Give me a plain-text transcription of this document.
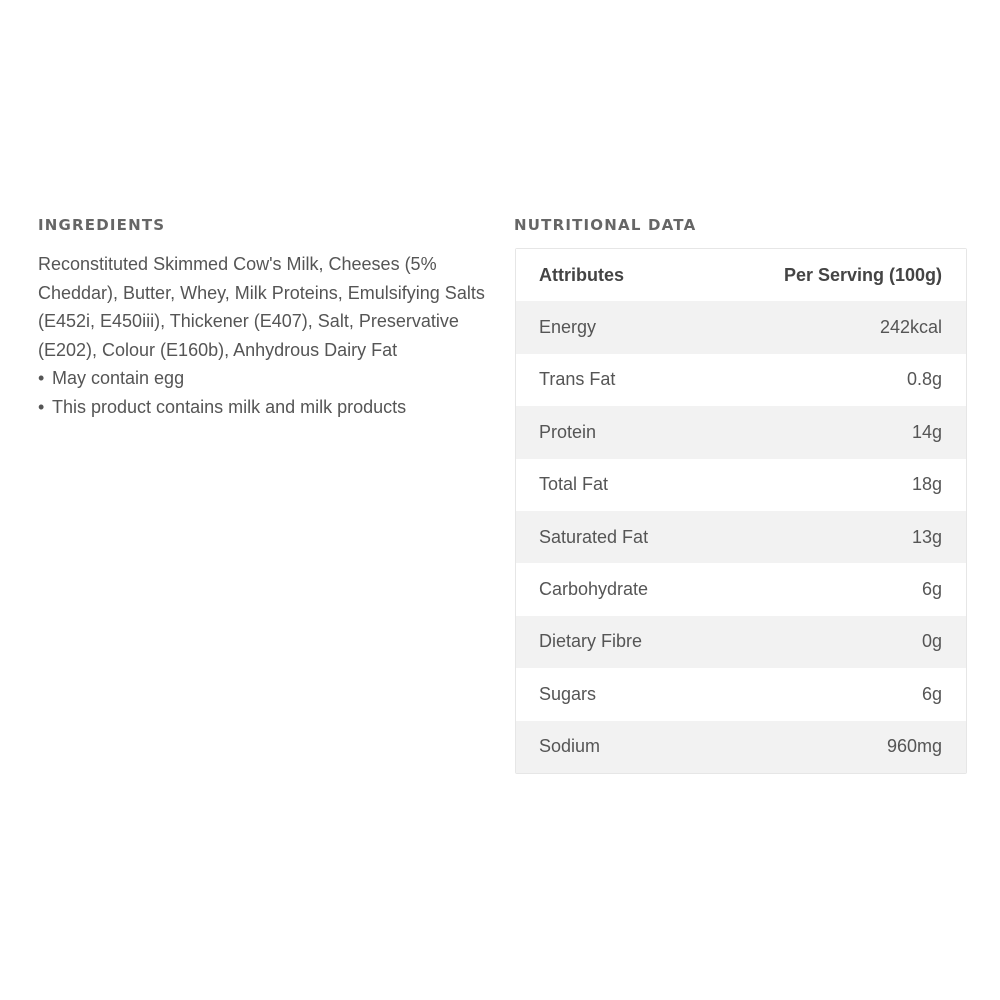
INGREDIENTS

Reconstituted Skimmed Cow's Milk, Cheeses (5% Cheddar), Butter, Whey, Milk Proteins, Emulsifying Salts (E452i, E450iii), Thickener (E407), Salt, Preservative (E202), Colour (E160b), Anhydrous Dairy Fat

• May contain egg
• This product contains milk and milk products
NUTRITIONAL DATA
Attributes	Per Serving (100g)
Energy	242kcal
Trans Fat	0.8g
Protein	14g
Total Fat	18g
Saturated Fat	13g
Carbohydrate	6g
Dietary Fibre	0g
Sugars	6g
Sodium	960mg
